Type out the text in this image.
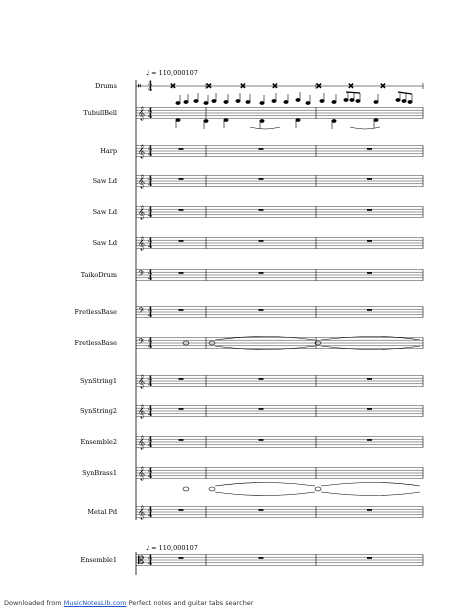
𝄥 4
4
𝄞 4
4
𝄞 4
4
𝄞 4
4
𝄞 4
4
𝄞 4
4
𝄢 4
4
𝄢 4
4
𝄢 4
4
𝄞 4
4
𝄞 4
4
𝄞 4
4
𝄞 4
4
𝄞 4
4
𝄡 4
4
×	×	×	×	×	×	×
Drums
TubullBell
Harp
Saw Ld
Saw Ld
Saw Ld
TaikoDrum
FretlessBase
FretlessBase
SynString1
SynString2
Ensemble2
SynBrass1
Metal Pd
Ensemble1
♩ = 110,000107
♩ = 110,000107
Downloaded from MusicNotesLib.com Perfect notes and guitar tabs searcher
